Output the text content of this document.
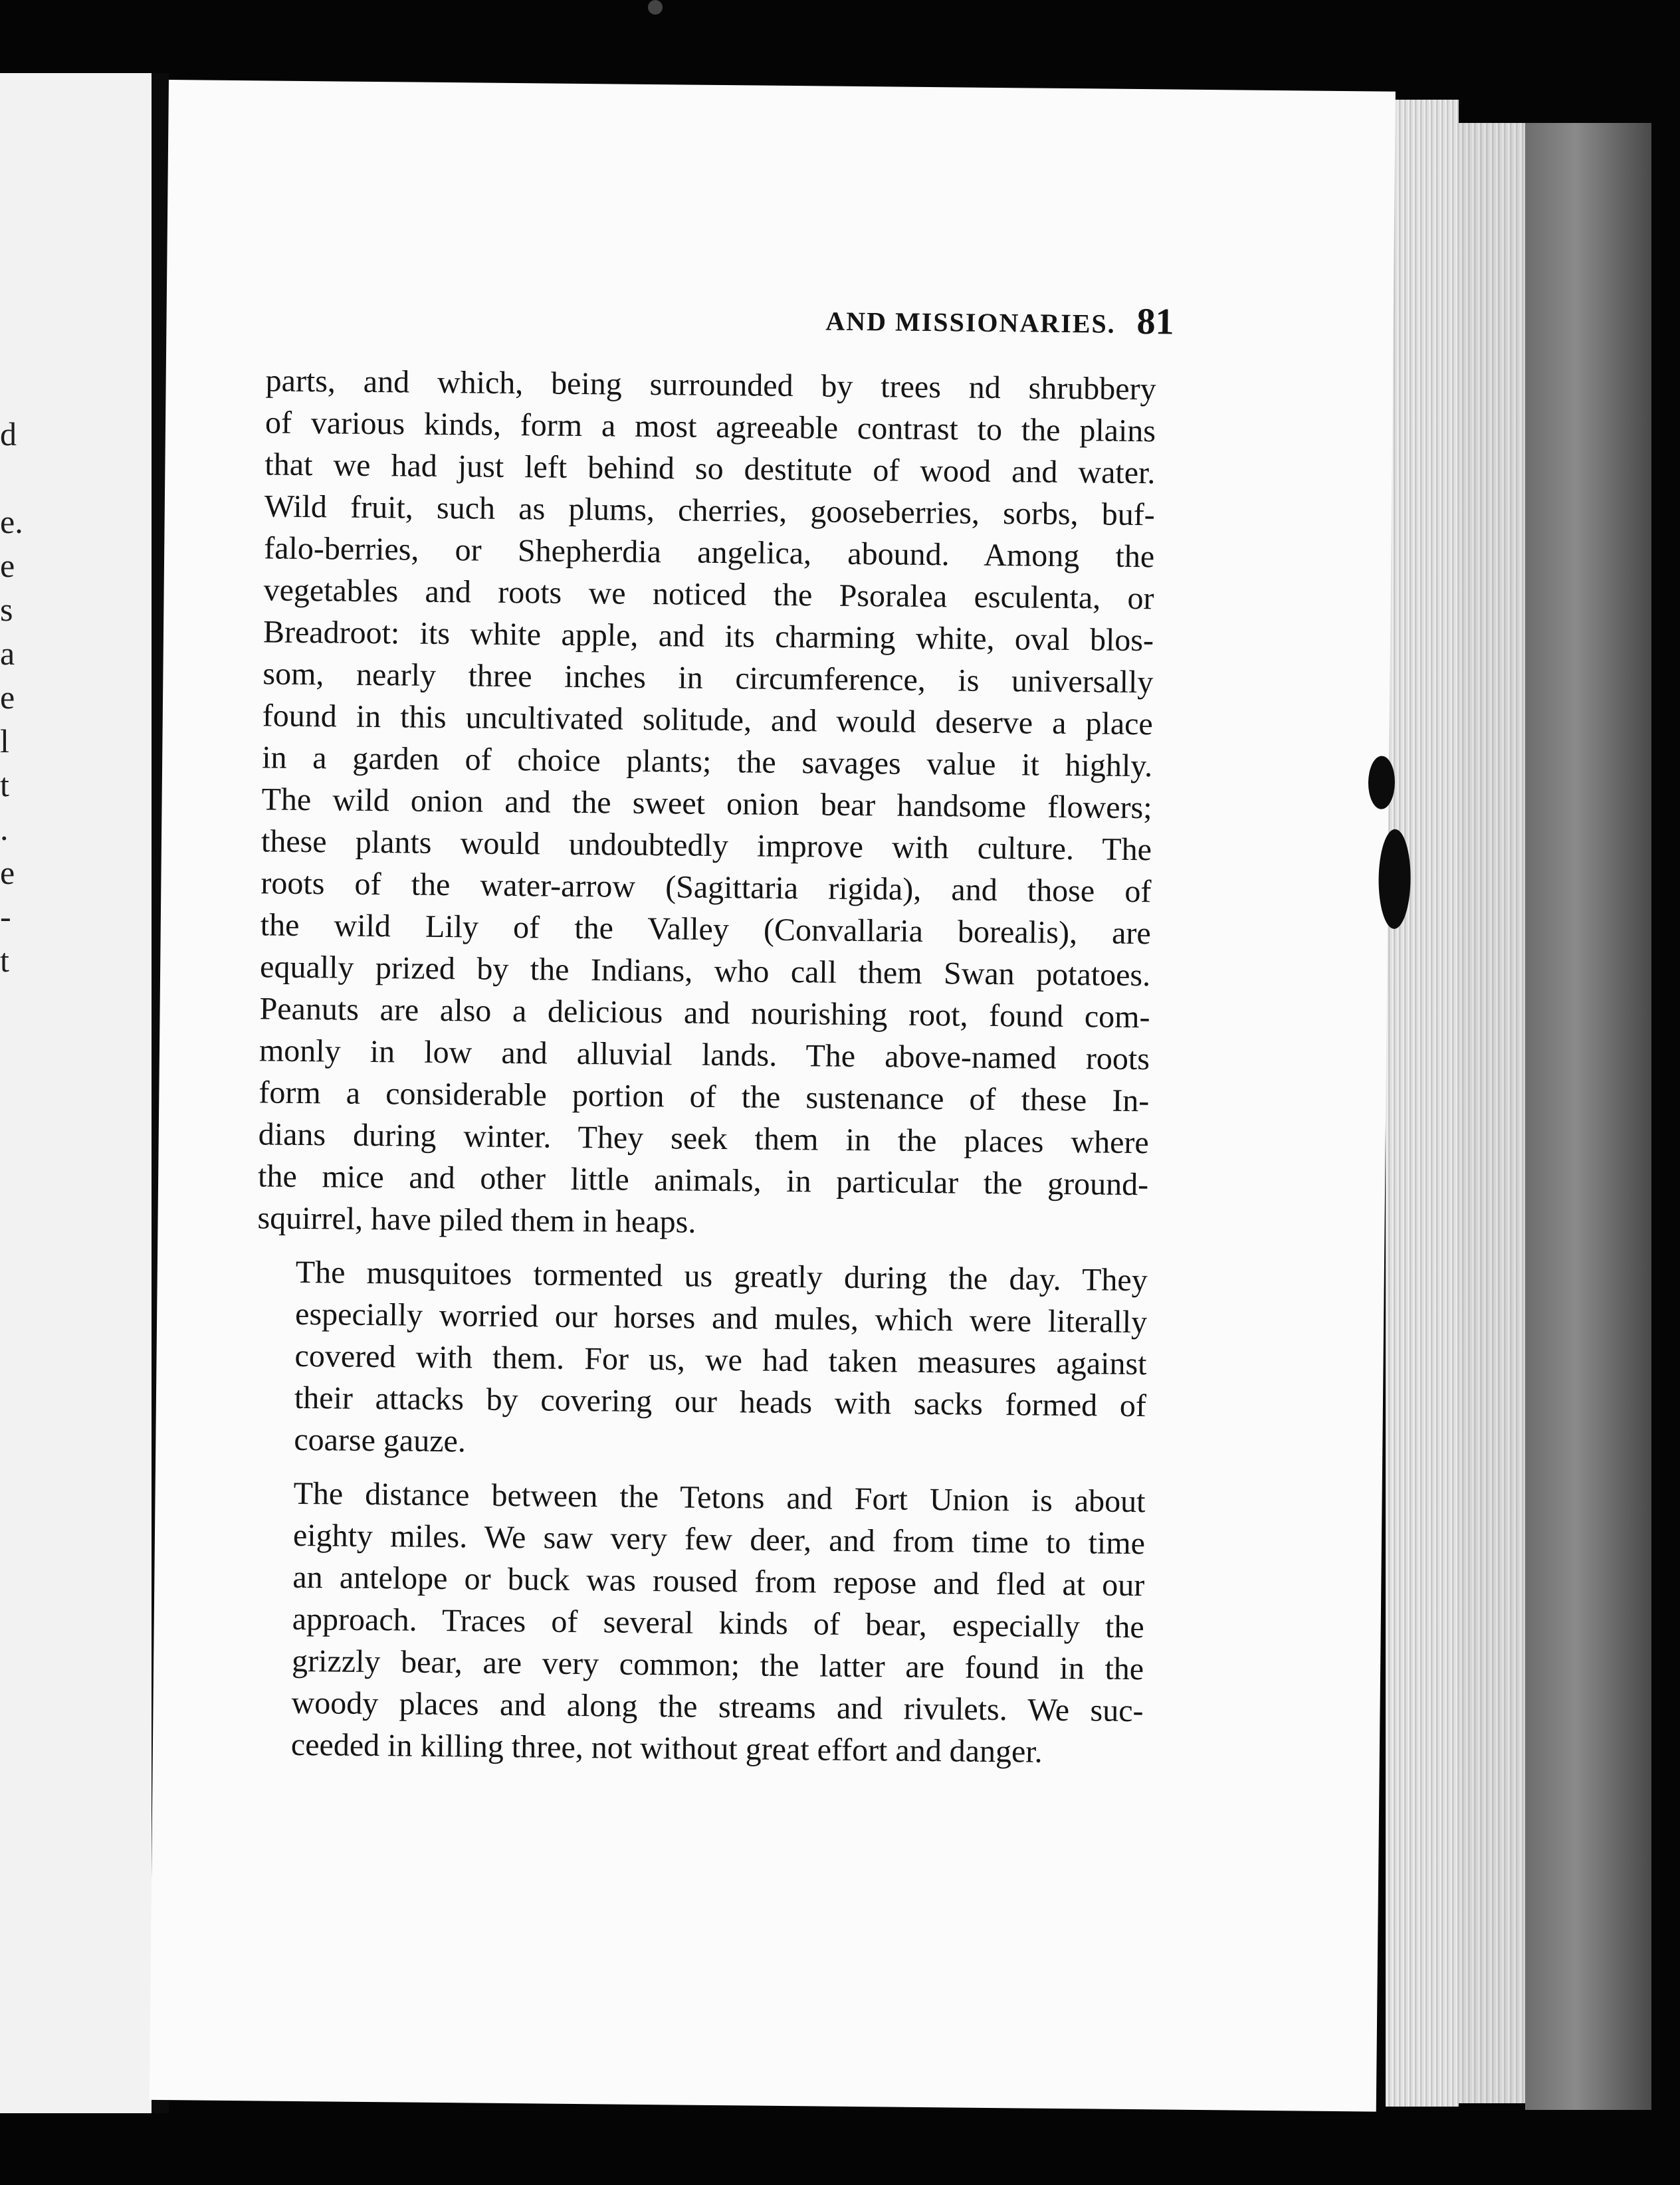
d
e.
e
s
a
e
l
t
.
e
-
t
AND MISSIONARIES. 81

parts, and which, being surrounded by trees nd shrubbery
of various kinds, form a most agreeable contrast to the plains
that we had just left behind so destitute of wood and water.
Wild fruit, such as plums, cherries, gooseberries, sorbs, buf-
falo-berries, or Shepherdia angelica, abound. Among the
vegetables and roots we noticed the Psoralea esculenta, or
Breadroot: its white apple, and its charming white, oval blos-
som, nearly three inches in circumference, is universally
found in this uncultivated solitude, and would deserve a place
in a garden of choice plants; the savages value it highly.
The wild onion and the sweet onion bear handsome flowers;
these plants would undoubtedly improve with culture. The
roots of the water-arrow (Sagittaria rigida), and those of
the wild Lily of the Valley (Convallaria borealis), are
equally prized by the Indians, who call them Swan potatoes.
Peanuts are also a delicious and nourishing root, found com-
monly in low and alluvial lands. The above-named roots
form a considerable portion of the sustenance of these In-
dians during winter. They seek them in the places where
the mice and other little animals, in particular the ground-
squirrel, have piled them in heaps.

The musquitoes tormented us greatly during the day. They
especially worried our horses and mules, which were literally
covered with them. For us, we had taken measures against
their attacks by covering our heads with sacks formed of
coarse gauze.

The distance between the Tetons and Fort Union is about
eighty miles. We saw very few deer, and from time to time
an antelope or buck was roused from repose and fled at our
approach. Traces of several kinds of bear, especially the
grizzly bear, are very common; the latter are found in the
woody places and along the streams and rivulets. We suc-
ceeded in killing three, not without great effort and danger.
